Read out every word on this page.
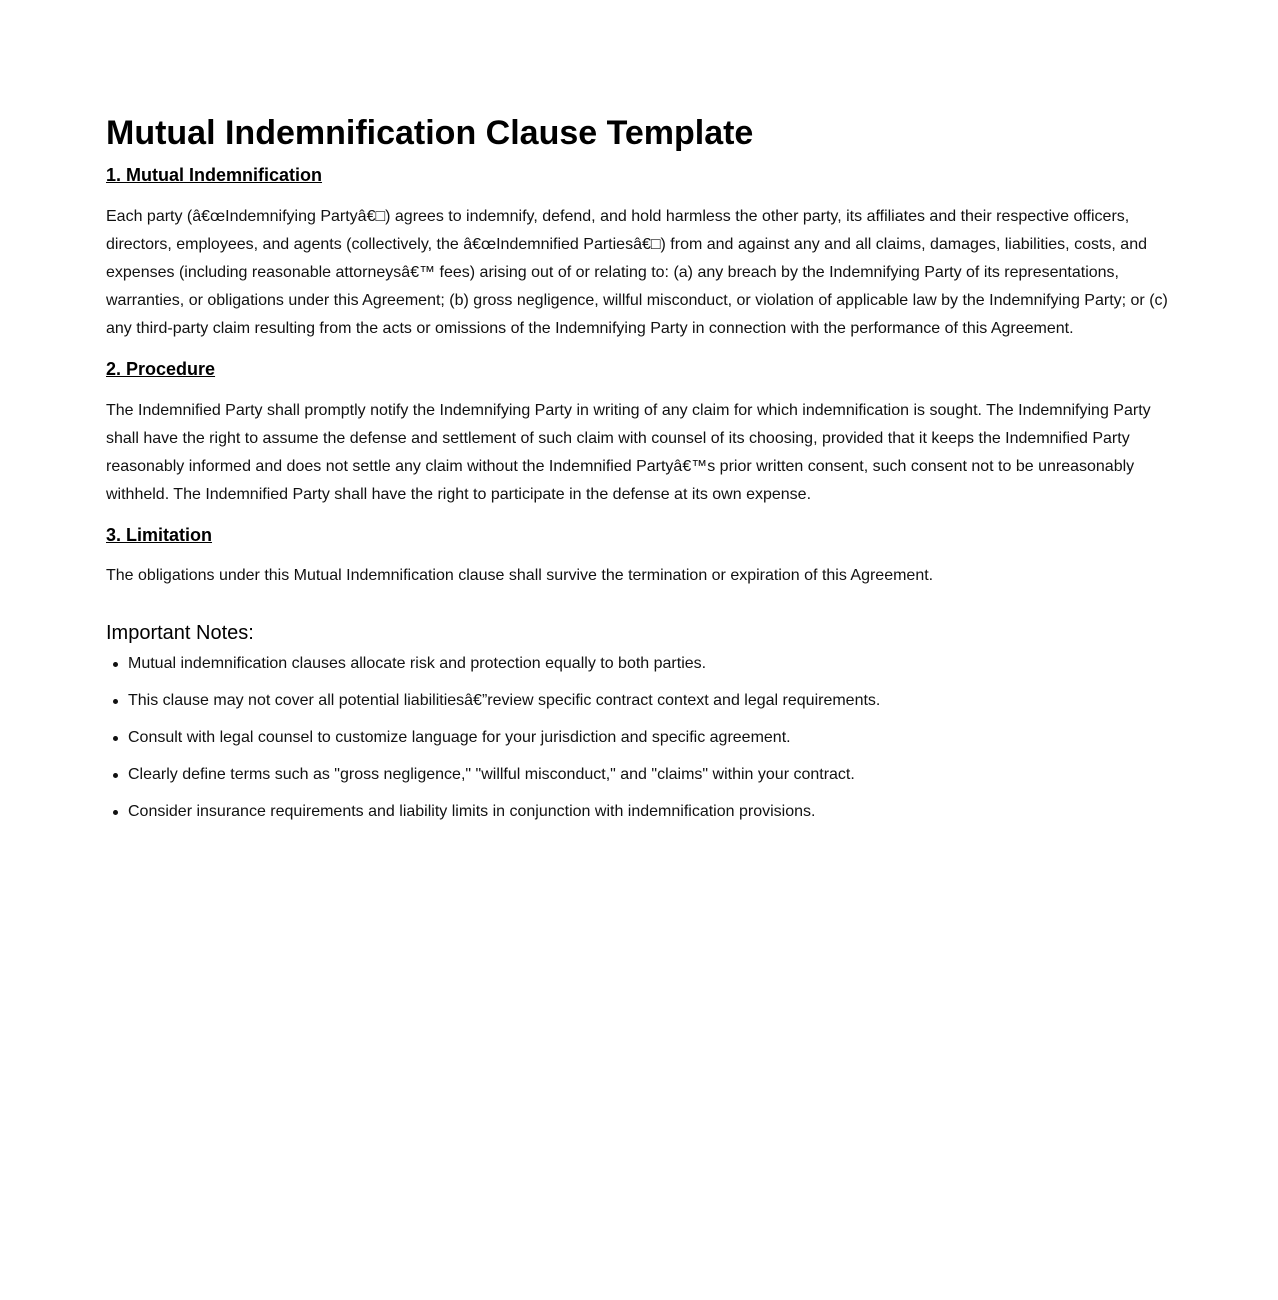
Mutual Indemnification Clause Template
1. Mutual Indemnification

Each party (â€œIndemnifying Partyâ€□) agrees to indemnify, defend, and hold harmless the other party, its affiliates and their respective officers, directors, employees, and agents (collectively, the â€œIndemnified Partiesâ€□) from and against any and all claims, damages, liabilities, costs, and expenses (including reasonable attorneysâ€™ fees) arising out of or relating to: (a) any breach by the Indemnifying Party of its representations, warranties, or obligations under this Agreement; (b) gross negligence, willful misconduct, or violation of applicable law by the Indemnifying Party; or (c) any third-party claim resulting from the acts or omissions of the Indemnifying Party in connection with the performance of this Agreement.

2. Procedure

The Indemnified Party shall promptly notify the Indemnifying Party in writing of any claim for which indemnification is sought. The Indemnifying Party shall have the right to assume the defense and settlement of such claim with counsel of its choosing, provided that it keeps the Indemnified Party reasonably informed and does not settle any claim without the Indemnified Partyâ€™s prior written consent, such consent not to be unreasonably withheld. The Indemnified Party shall have the right to participate in the defense at its own expense.

3. Limitation

The obligations under this Mutual Indemnification clause shall survive the termination or expiration of this Agreement.

Important Notes:
Mutual indemnification clauses allocate risk and protection equally to both parties.
This clause may not cover all potential liabilitiesâ€”review specific contract context and legal requirements.
Consult with legal counsel to customize language for your jurisdiction and specific agreement.
Clearly define terms such as "gross negligence," "willful misconduct," and "claims" within your contract.
Consider insurance requirements and liability limits in conjunction with indemnification provisions.
